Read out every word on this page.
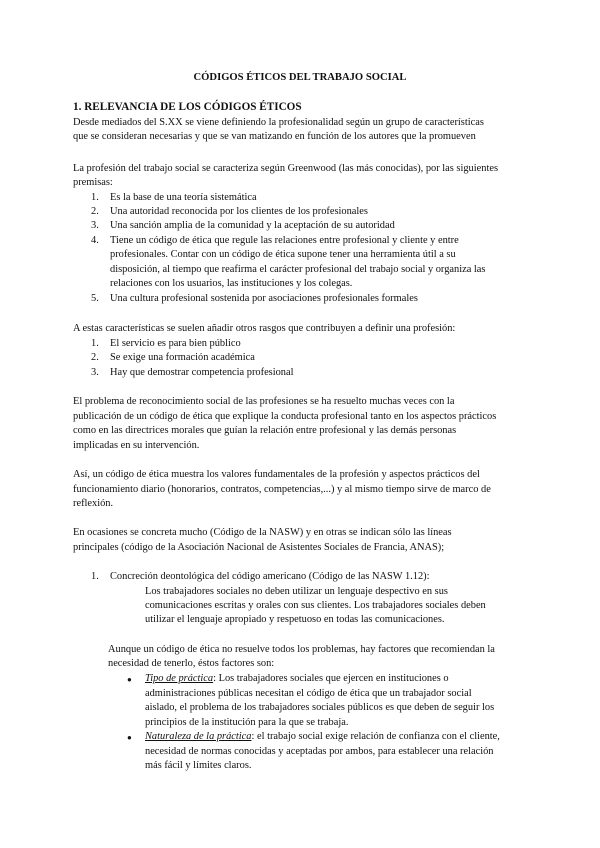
CÓDIGOS ÉTICOS DEL TRABAJO SOCIAL
1. RELEVANCIA DE LOS CÓDIGOS ÉTICOS
Desde mediados del S.XX se viene definiendo la profesionalidad según un grupo de características
que se consideran necesarias y que se van matizando en función de los autores que la promueven
La profesión del trabajo social se caracteriza según Greenwood (las más conocidas), por las siguientes
premisas:
1. Es la base de una teoría sistemática
2. Una autoridad reconocida por los clientes de los profesionales
3. Una sanción amplia de la comunidad y la aceptación de su autoridad
4. Tiene un código de ética que regule las relaciones entre profesional y cliente y entre
profesionales. Contar con un código de ética supone tener una herramienta útil a su
disposición, al tiempo que reafirma el carácter profesional del trabajo social y organiza las
relaciones con los usuarios, las instituciones y los colegas.
5. Una cultura profesional sostenida por asociaciones profesionales formales
A estas características se suelen añadir otros rasgos que contribuyen a definir una profesión:
1. El servicio es para bien público
2. Se exige una formación académica
3. Hay que demostrar competencia profesional
El problema de reconocimiento social de las profesiones se ha resuelto muchas veces con la
publicación de un código de ética que explique la conducta profesional tanto en los aspectos prácticos
como en las directrices morales que guían la relación entre profesional y las demás personas
implicadas en su intervención.
Así, un código de ética muestra los valores fundamentales de la profesión y aspectos prácticos del
funcionamiento diario (honorarios, contratos, competencias,...) y al mismo tiempo sirve de marco de
reflexión.
En ocasiones se concreta mucho (Código de la NASW) y en otras se indican sólo las líneas
principales (código de la Asociación Nacional de Asistentes Sociales de Francia, ANAS);
1. Concreción deontológica del código americano (Código de las NASW 1.12):
Los trabajadores sociales no deben utilizar un lenguaje despectivo en sus
comunicaciones escritas y orales con sus clientes. Los trabajadores sociales deben
utilizar el lenguaje apropiado y respetuoso en todas las comunicaciones.
Aunque un código de ética no resuelve todos los problemas, hay factores que recomiendan la
necesidad de tenerlo, éstos factores son:
● Tipo de práctica: Los trabajadores sociales que ejercen en instituciones o
administraciones públicas necesitan el código de ética que un trabajador social
aislado, el problema de los trabajadores sociales públicos es que deben de seguir los
principios de la institución para la que se trabaja.
● Naturaleza de la práctica: el trabajo social exige relación de confianza con el cliente,
necesidad de normas conocidas y aceptadas por ambos, para establecer una relación
más fácil y límites claros.
